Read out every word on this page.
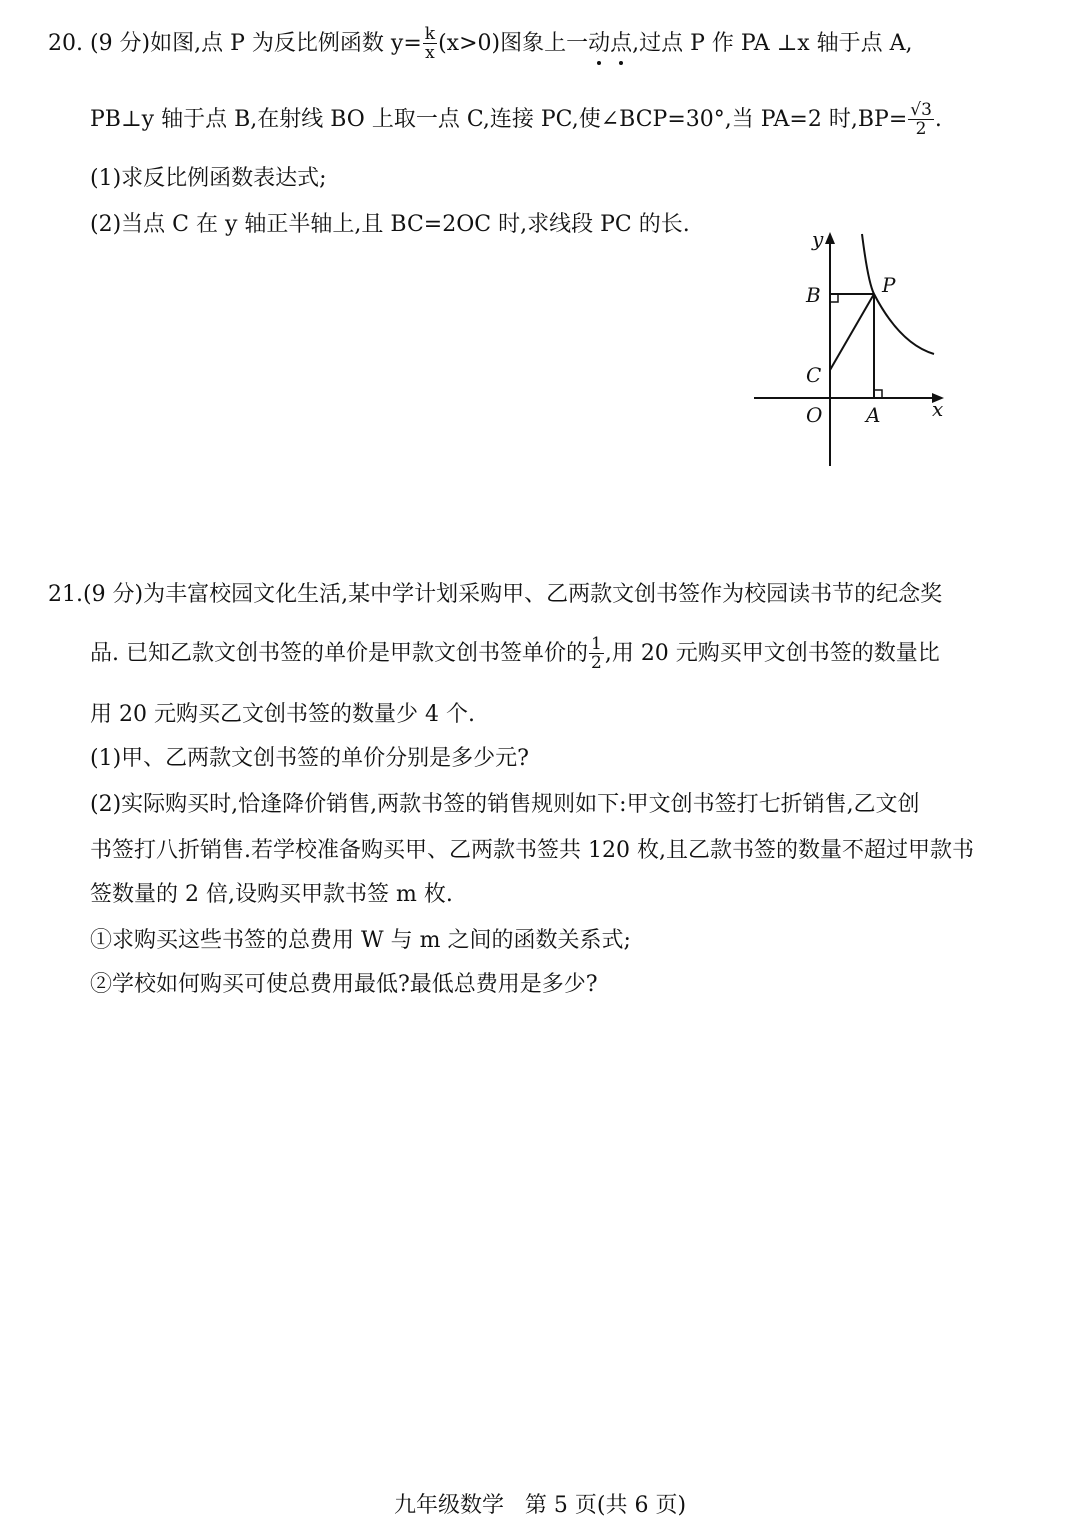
20. (9 分)如图,点 P 为反比例函数 $y= \frac{k}{x} (x>0)$图象上一动点,过点 P 作 PA ⊥x 轴于点 A,
PB⊥y 轴于点 B,在射线 BO 上取一点 C,连接 PC,使∠BCP=30°,当 PA=2 时$,BP= \frac{√3}{2}$ .
(1)求反比例函数表达式;
(2)当点 C 在 y 轴正半轴上,且 BC=2OC 时,求线段 PC 的长.
y
B	P
C
O A	x
21.(9 分)为丰富校园文化生活,某中学计划采购甲、乙两款文创书签作为校园读书节的纪念奖
品. 已知乙款文创书签的单价是甲款文创书签单价的 $\frac{1}{2}$ ,用 20 元购买甲文创书签的数量比
用 20 元购买乙文创书签的数量少 4 个.
(1)甲、乙两款文创书签的单价分别是多少元?
(2)实际购买时,恰逢降价销售,两款书签的销售规则如下:甲文创书签打七折销售,乙文创
书签打八折销售.若学校准备购买甲、乙两款书签共 120 枚,且乙款书签的数量不超过甲款书
签数量的 2 倍,设购买甲款书签 m 枚.
①求购买这些书签的总费用 W 与 m 之间的函数关系式;
②学校如何购买可使总费用最低?最低总费用是多少?
九年级数学   第 5 页(共 6 页)
